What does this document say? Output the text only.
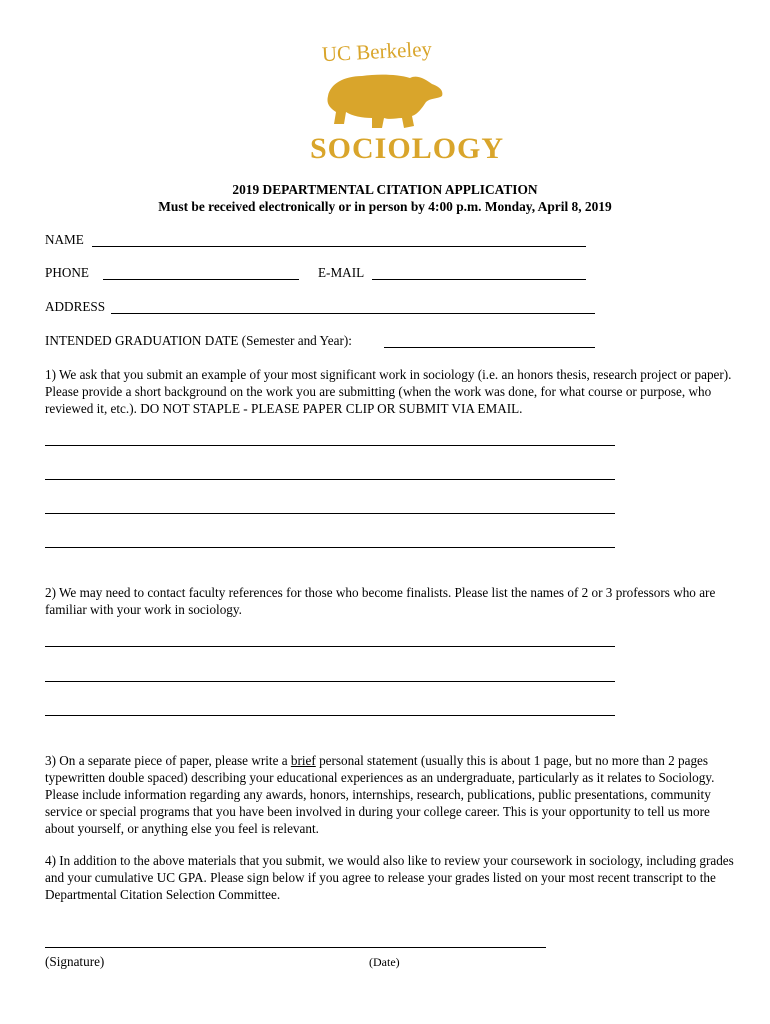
UC Berkeley
SOCIOLOGY
2019 DEPARTMENTAL CITATION APPLICATION
Must be received electronically or in person by 4:00 p.m. Monday, April 8, 2019
NAME
PHONE	E-MAIL
ADDRESS
INTENDED GRADUATION DATE (Semester and Year):
1) We ask that you submit an example of your most significant work in sociology (i.e. an honors thesis, research project or paper). Please provide a short background on the work you are submitting (when the work was done, for what course or purpose, who reviewed it, etc.). DO NOT STAPLE - PLEASE PAPER CLIP OR SUBMIT VIA EMAIL.
2) We may need to contact faculty references for those who become finalists. Please list the names of 2 or 3 professors who are familiar with your work in sociology.
3) On a separate piece of paper, please write a brief personal statement (usually this is about 1 page, but no more than 2 pages typewritten double spaced) describing your educational experiences as an undergraduate, particularly as it relates to Sociology. Please include information regarding any awards, honors, internships, research, publications, public presentations, community service or special programs that you have been involved in during your college career. This is your opportunity to tell us more about yourself, or anything else you feel is relevant.
4) In addition to the above materials that you submit, we would also like to review your coursework in sociology, including grades and your cumulative UC GPA. Please sign below if you agree to release your grades listed on your most recent transcript to the Departmental Citation Selection Committee.
(Signature)	(Date)
